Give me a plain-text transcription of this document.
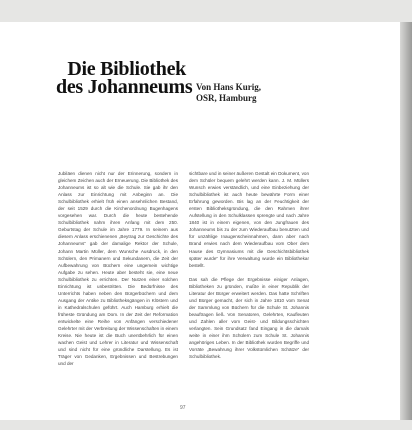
Die Bibliothek
des Johanneums Von Hans Kurig,
OSR, Hamburg

Jubiläen dienen nicht nur der Erinnerung, sondern in gleichem Zeichen auch der Erneuerung. Die Bibliothek des Johanneums ist so alt wie die Schule. Sie gab ihr den Anlass zur Einrichtung mit Anbeginn an. Die Schulbibliothek erhielt früh einen ansehnlichen Bestand, der seit 1529 durch die Kirchenordnung Bugenhagens vorgesehen war. Durch die heute bestehende Schulbibliothek nahm ihren Anfang mit dem 250. Geburtstag der Schule im Jahre 1779. In seinem aus diesem Anlass erschienenen „Beytrag zur Geschichte des Johanneums“ gab der damalige Rektor der Schule, Johann Martin Müller, dem Wunsche Ausdruck, in den Schülern, den Primanern und Sekundanern, die Zeit der Aufbewahrung von Büchern eine ungemein wichtige Aufgabe zu sehen. Heute aber besteht sie, eine neue Schulbibliothek zu errichten. Der Nutzen einer solchen Einrichtung ist unbestritten. Die Bedürfnisse des Unterrichts haben neben den Bürgerbüchern und dem Ausgang der Antike zu Bibliotheksgängen in Klöstern und in Kathedralschulen geführt. Auch Hamburg erhielt die früheste Gründung am Dom. In der Zeit der Reformation entwickelte eine Reihe von Anfängen verschiedener Gelehrter mit der Verbreitung der Wissenschaften in einem Kreise. Nie heute ist die Buch unentbehrlich für einen wachen Geist und Lehrer in Literatur und Wissenschaft und sind nicht für eine gründliche Darstellung. Es ist Träger von Gedanken, Ergebnissen und Bestrebungen und der

sichtbare und in seiner äußeren Gestalt ein Dokument, von dem Schüler bequem gelehrt werden kann. J. M. Müllers Wunsch erwies verständlich, und eine Einbeziehung der Schulbibliothek ist auch heute bewährte Form einer Erfahrung geworden. Bis lag an der Feuchtigkeit der ersten Bibliotheksgründung, die den Rahmen ihrer Aufstellung in den Schulklassen sprengte und nach Jahre 1840 ist in einem eigenen, von den Jungfrauen des Johanneums bis zu der zum Wiederaufbau benutzten und für unzählige Inaugenscheinnahmen, dann aber nach Brand erwies nach dem Wiederaufbau vom Ober dem Hause des Gymnasiums mit die Geschichtsbibliothek später wurde“ für ihre Verwaltung wurde ein Bibliothekar bestellt.

Das sah die Pflege der Ergebnisse einiger Anlagen, Bibliotheken zu gründen, mußte in einer Republik der Literatur der Bürger erweitert werden. Das hatte Schriften und Bürger gemacht, der sich in Jahre 1810 vom Senat der Sammlung von Büchern für die Schule St. Johannis beauftragen ließ. Von Senatoren, Gelehrten, Kaufleuten und Zahlen aller vom Geist- und Bildungsschichten verlangten. Sein Grundsatz fand Eingang in die damals weite in einer ihm Schülern zum Schule St. Johannis angehöriges Leben. In der Bibliothek wurden Begriffe und Vorräte „Bewahrung ihrer Volkstümlichen Schätze“ der Schulbibliothek.

97
